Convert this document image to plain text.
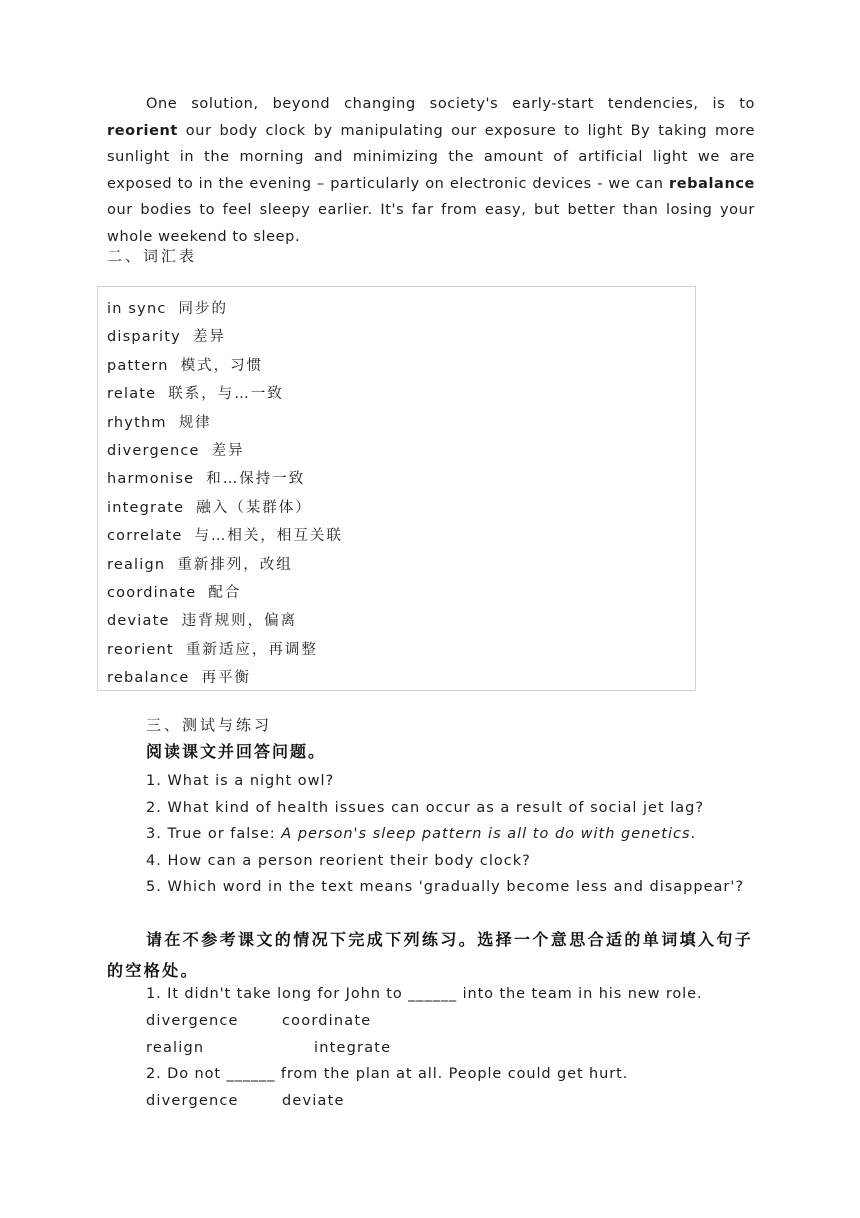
One solution, beyond changing society's early-start tendencies, is to reorient our body clock by manipulating our exposure to light By taking more sunlight in the morning and minimizing the amount of artificial light we are exposed to in the evening – particularly on electronic devices - we can rebalance our bodies to feel sleepy earlier. It's far from easy, but better than losing your whole weekend to sleep.

二、词汇表
in sync 同步的
disparity 差异
pattern 模式，习惯
relate 联系，与…一致
rhythm 规律
divergence 差异
harmonise 和…保持一致
integrate 融入（某群体）
correlate 与…相关，相互关联
realign 重新排列，改组
coordinate 配合
deviate 违背规则，偏离
reorient 重新适应，再调整
rebalance 再平衡
三、测试与练习
阅读课文并回答问题。
1. What is a night owl?
2. What kind of health issues can occur as a result of social jet lag?
3. True or false: A person's sleep pattern is all to do with genetics.
4. How can a person reorient their body clock?
5. Which word in the text means 'gradually become less and disappear'?

请在不参考课文的情况下完成下列练习。选择一个意思合适的单词填入句子的空格处。

1. It didn't take long for John to ______ into the team in his new role.
divergence	coordinate
realign	integrate
2. Do not ______ from the plan at all. People could get hurt.
divergence	deviate
